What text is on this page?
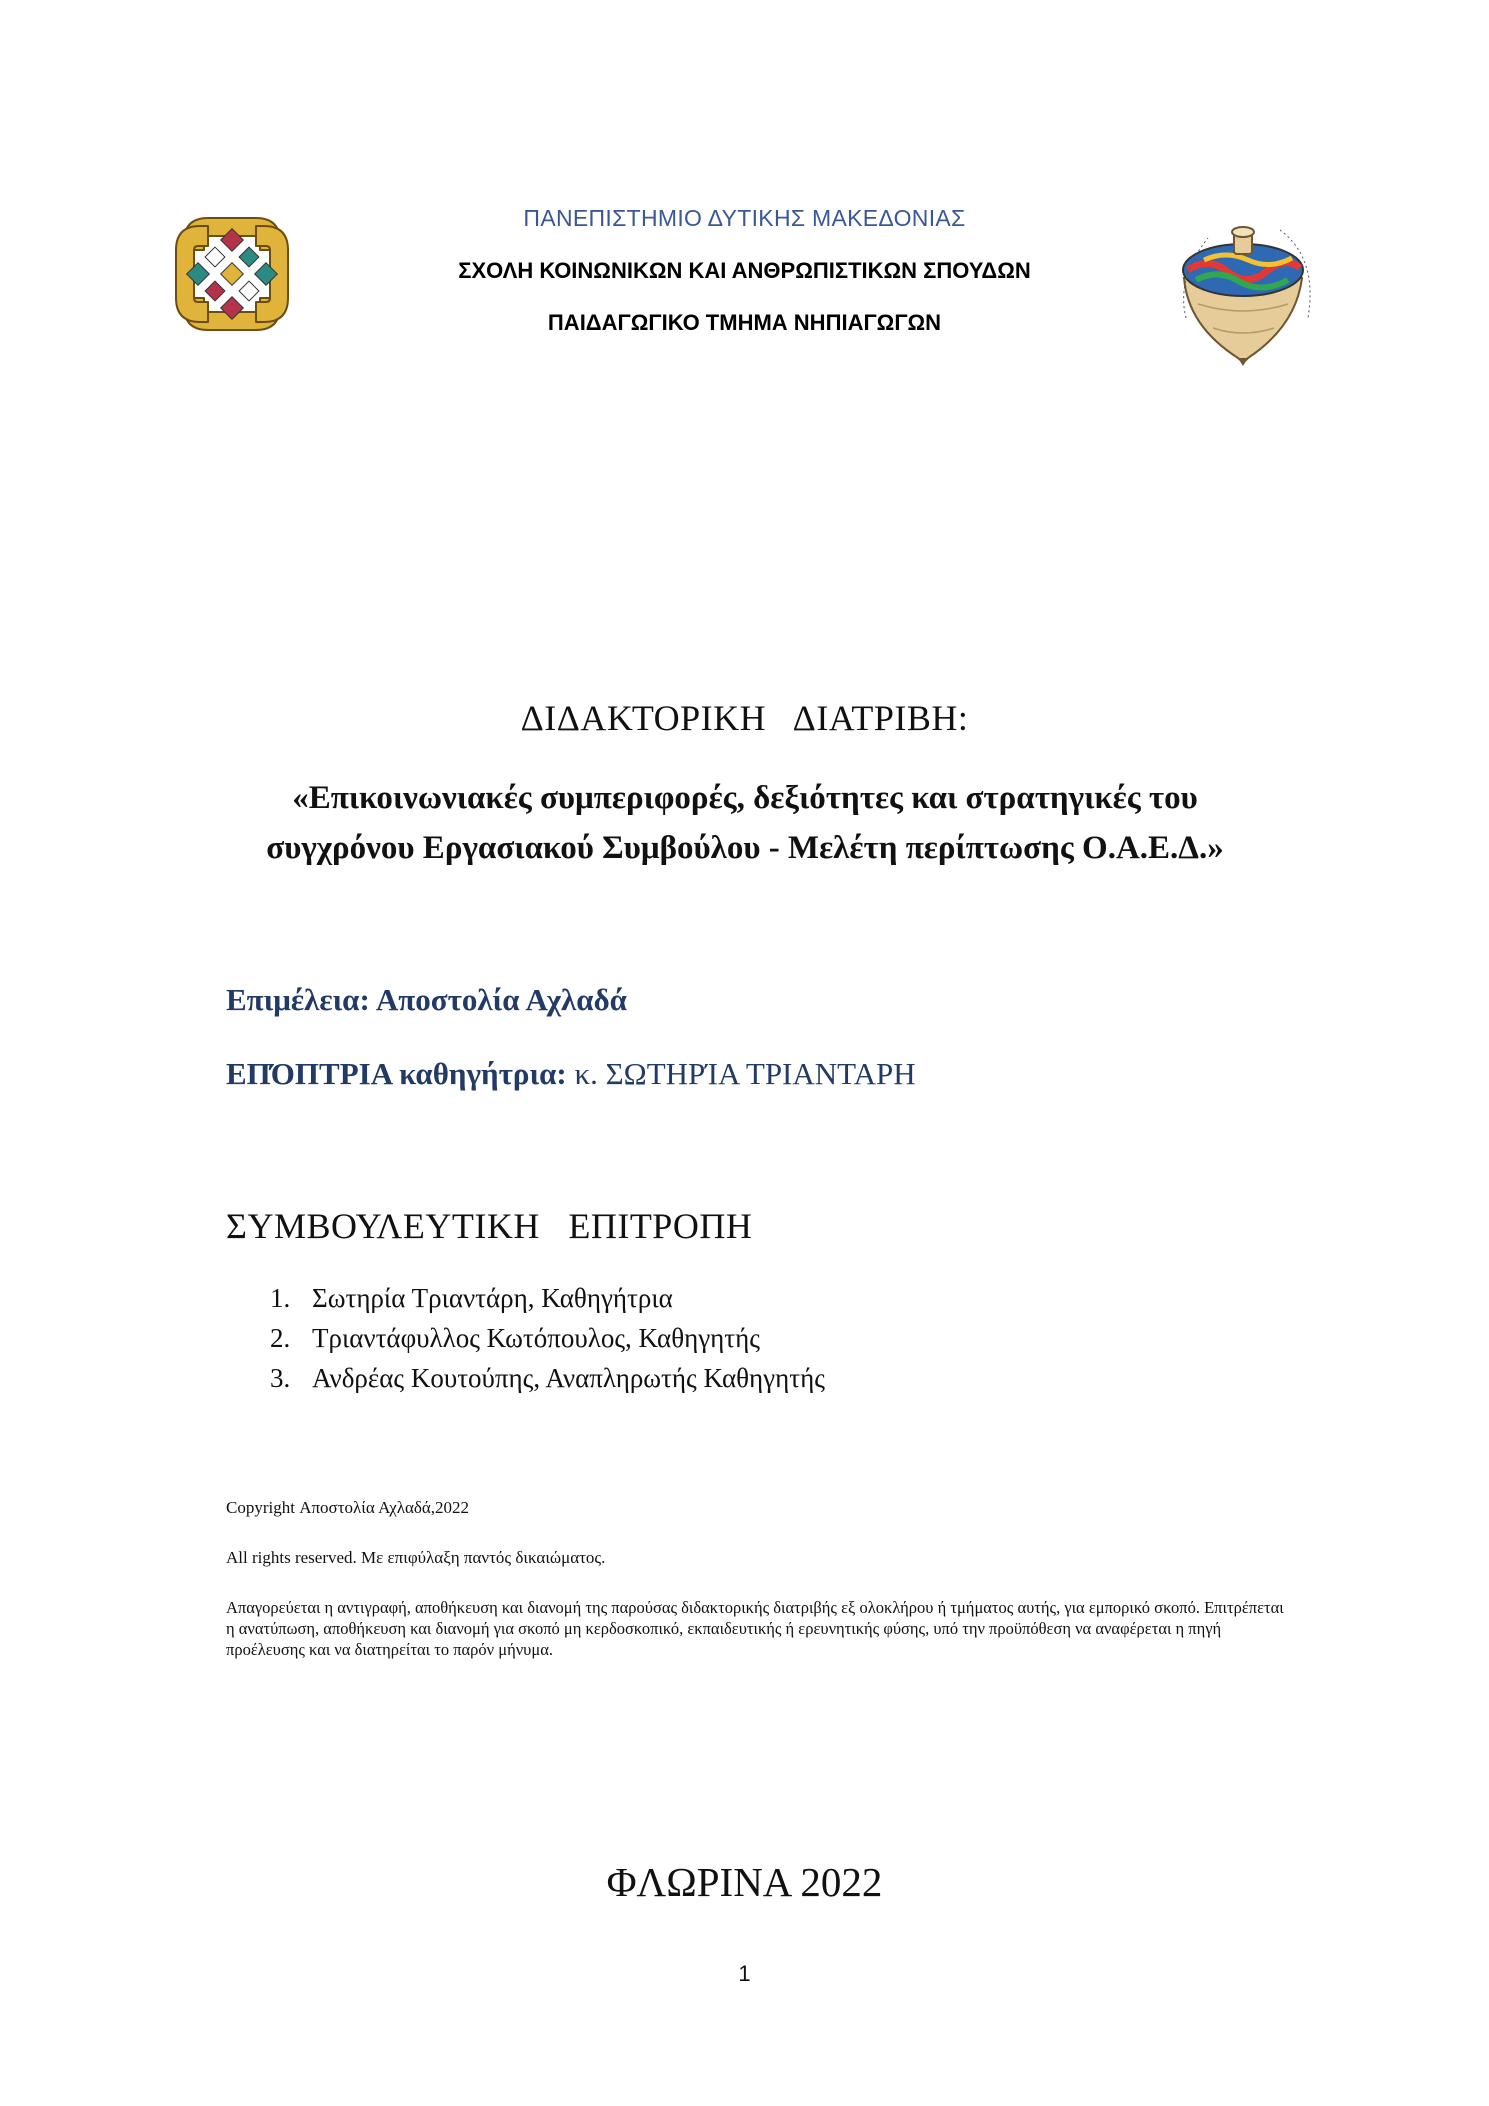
ΠΑΝΕΠΙΣΤΗΜΙΟ ΔΥΤΙΚΗΣ ΜΑΚΕΔΟΝΙΑΣ
ΣΧΟΛΗ ΚΟΙΝΩΝΙΚΩΝ ΚΑΙ ΑΝΘΡΩΠΙΣΤΙΚΩΝ ΣΠΟΥΔΩΝ
ΠΑΙΔΑΓΩΓΙΚΟ ΤΜΗΜΑ ΝΗΠΙΑΓΩΓΩΝ
ΔΙΔΑΚΤΟΡΙΚΗ   ΔΙΑΤΡΙΒΗ:
«Επικοινωνιακές συμπεριφορές, δεξιότητες και στρατηγικές του
συγχρόνου Εργασιακού Συμβούλου - Μελέτη περίπτωσης Ο.Α.Ε.Δ.»
Επιμέλεια: Αποστολία Αχλαδά
ΕΠΌΠΤΡΙΑ καθηγήτρια: κ. ΣΩΤΗΡΊΑ ΤΡΙΑΝΤΑΡΗ
ΣΥΜΒΟΥΛΕΥΤΙΚΗ   ΕΠΙΤΡΟΠΗ
1. Σωτηρία Τριαντάρη, Καθηγήτρια
2. Τριαντάφυλλος Κωτόπουλος, Καθηγητής
3. Ανδρέας Κουτούπης, Αναπληρωτής Καθηγητής
Copyright Αποστολία Αχλαδά,2022
All rights reserved. Με επιφύλαξη παντός δικαιώματος.
Απαγορεύεται η αντιγραφή, αποθήκευση και διανομή της παρούσας διδακτορικής διατριβής εξ ολοκλήρου ή τμήματος αυτής, για εμπορικό σκοπό. Επιτρέπεται η ανατύπωση, αποθήκευση και διανομή για σκοπό μη κερδοσκοπικό, εκπαιδευτικής ή ερευνητικής φύσης, υπό την προϋπόθεση να αναφέρεται η πηγή προέλευσης και να διατηρείται το παρόν μήνυμα.
ΦΛΩΡΙΝΑ 2022
1
